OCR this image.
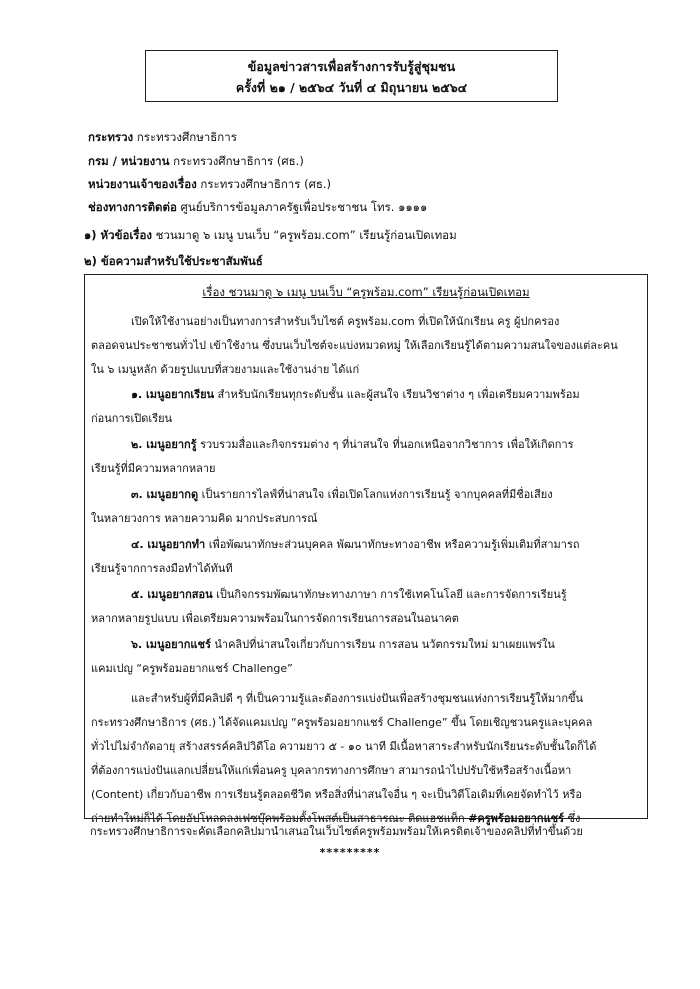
ข้อมูลข่าวสารเพื่อสร้างการรับรู้สู่ชุมชน
ครั้งที่ ๒๑ / ๒๕๖๔ วันที่ ๔ มิถุนายน ๒๕๖๔
กระทรวง กระทรวงศึกษาธิการ
กรม / หน่วยงาน กระทรวงศึกษาธิการ (ศธ.)
หน่วยงานเจ้าของเรื่อง กระทรวงศึกษาธิการ (ศธ.)
ช่องทางการติดต่อ ศูนย์บริการข้อมูลภาครัฐเพื่อประชาชน โทร. ๑๑๑๑
๑) หัวข้อเรื่อง ชวนมาดู ๖ เมนู บนเว็บ “ครูพร้อม.com” เรียนรู้ก่อนเปิดเทอม
๒) ข้อความสำหรับใช้ประชาสัมพันธ์
เรื่อง ชวนมาดู ๖ เมนู บนเว็บ “ครูพร้อม.com” เรียนรู้ก่อนเปิดเทอม
เปิดให้ใช้งานอย่างเป็นทางการสำหรับเว็บไซต์ ครูพร้อม.com ที่เปิดให้นักเรียน ครู ผู้ปกครอง
ตลอดจนประชาชนทั่วไป เข้าใช้งาน ซึ่งบนเว็บไซต์จะแบ่งหมวดหมู่ ให้เลือกเรียนรู้ได้ตามความสนใจของแต่ละคน
ใน ๖ เมนูหลัก ด้วยรูปแบบที่สวยงามและใช้งานง่าย ได้แก่
๑. เมนูอยากเรียน สำหรับนักเรียนทุกระดับชั้น และผู้สนใจ เรียนวิชาต่าง ๆ เพื่อเตรียมความพร้อม
ก่อนการเปิดเรียน
๒. เมนูอยากรู้ รวบรวมสื่อและกิจกรรมต่าง ๆ ที่น่าสนใจ ที่นอกเหนือจากวิชาการ เพื่อให้เกิดการ
เรียนรู้ที่มีความหลากหลาย
๓. เมนูอยากดู เป็นรายการไลฟ์ที่น่าสนใจ เพื่อเปิดโลกแห่งการเรียนรู้ จากบุคคลที่มีชื่อเสียง
ในหลายวงการ หลายความคิด มากประสบการณ์
๔. เมนูอยากทำ เพื่อพัฒนาทักษะส่วนบุคคล พัฒนาทักษะทางอาชีพ หรือความรู้เพิ่มเติมที่สามารถ
เรียนรู้จากการลงมือทำได้ทันที
๕. เมนูอยากสอน เป็นกิจกรรมพัฒนาทักษะทางภาษา การใช้เทคโนโลยี และการจัดการเรียนรู้
หลากหลายรูปแบบ เพื่อเตรียมความพร้อมในการจัดการเรียนการสอนในอนาคต
๖. เมนูอยากแชร์ นำคลิปที่น่าสนใจเกี่ยวกับการเรียน การสอน นวัตกรรมใหม่ มาเผยแพร่ใน
แคมเปญ “ครูพร้อมอยากแชร์ Challenge”
และสำหรับผู้ที่มีคลิปดี ๆ ที่เป็นความรู้และต้องการแบ่งปันเพื่อสร้างชุมชนแห่งการเรียนรู้ให้มากขึ้น
กระทรวงศึกษาธิการ (ศธ.) ได้จัดแคมเปญ “ครูพร้อมอยากแชร์ Challenge” ขึ้น โดยเชิญชวนครูและบุคคล
ทั่วไปไม่จำกัดอายุ สร้างสรรค์คลิปวิดีโอ ความยาว ๕ - ๑๐ นาที มีเนื้อหาสาระสำหรับนักเรียนระดับชั้นใดก็ได้
ที่ต้องการแบ่งปันแลกเปลี่ยนให้แก่เพื่อนครู บุคลากรทางการศึกษา สามารถนำไปปรับใช้หรือสร้างเนื้อหา
(Content) เกี่ยวกับอาชีพ การเรียนรู้ตลอดชีวิต หรือสิ่งที่น่าสนใจอื่น ๆ จะเป็นวิดีโอเดิมที่เคยจัดทำไว้ หรือ
ถ่ายทำใหม่ก็ได้ โดยอัปโหลดลงเฟซบุ๊คพร้อมตั้งโพสต์เป็นสาธารณะ ติดแฮชแท็ก #ครูพร้อมอยากแชร์ ซึ่ง
กระทรวงศึกษาธิการจะคัดเลือกคลิปมานำเสนอในเว็บไซต์ครูพร้อมพร้อมให้เครดิตเจ้าของคลิปที่ทำขึ้นด้วย
*********
